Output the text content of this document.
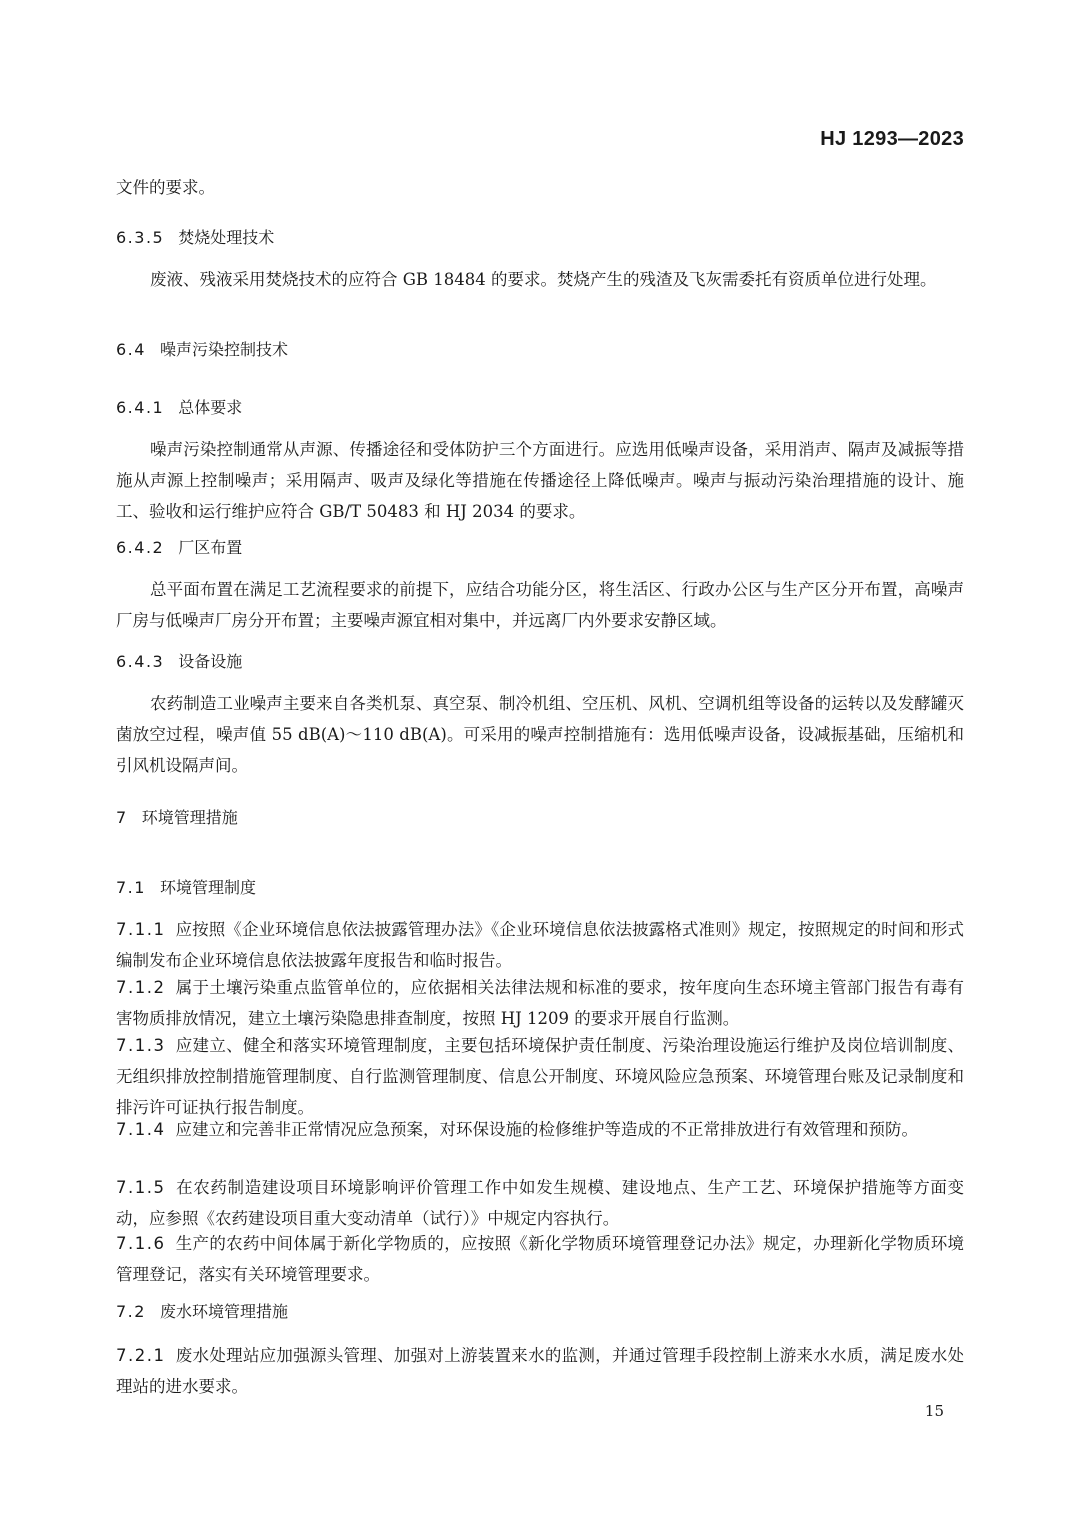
HJ 1293—2023

文件的要求。

6.3.5 焚烧处理技术

废液、残液采用焚烧技术的应符合 GB 18484 的要求。焚烧产生的残渣及飞灰需委托有资质单位进行处理。

6.4 噪声污染控制技术
6.4.1 总体要求

噪声污染控制通常从声源、传播途径和受体防护三个方面进行。应选用低噪声设备，采用消声、隔声及减振等措施从声源上控制噪声；采用隔声、吸声及绿化等措施在传播途径上降低噪声。噪声与振动污染治理措施的设计、施工、验收和运行维护应符合 GB/T 50483 和 HJ 2034 的要求。

6.4.2 厂区布置

总平面布置在满足工艺流程要求的前提下，应结合功能分区，将生活区、行政办公区与生产区分开布置，高噪声厂房与低噪声厂房分开布置；主要噪声源宜相对集中，并远离厂内外要求安静区域。

6.4.3 设备设施

农药制造工业噪声主要来自各类机泵、真空泵、制冷机组、空压机、风机、空调机组等设备的运转以及发酵罐灭菌放空过程，噪声值 55 dB(A)～110 dB(A)。可采用的噪声控制措施有：选用低噪声设备，设减振基础，压缩机和引风机设隔声间。

7 环境管理措施
7.1 环境管理制度

7.1.1 应按照《企业环境信息依法披露管理办法》《企业环境信息依法披露格式准则》规定，按照规定的时间和形式编制发布企业环境信息依法披露年度报告和临时报告。

7.1.2 属于土壤污染重点监管单位的，应依据相关法律法规和标准的要求，按年度向生态环境主管部门报告有毒有害物质排放情况，建立土壤污染隐患排查制度，按照 HJ 1209 的要求开展自行监测。

7.1.3 应建立、健全和落实环境管理制度，主要包括环境保护责任制度、污染治理设施运行维护及岗位培训制度、无组织排放控制措施管理制度、自行监测管理制度、信息公开制度、环境风险应急预案、环境管理台账及记录制度和排污许可证执行报告制度。

7.1.4 应建立和完善非正常情况应急预案，对环保设施的检修维护等造成的不正常排放进行有效管理和预防。

7.1.5 在农药制造建设项目环境影响评价管理工作中如发生规模、建设地点、生产工艺、环境保护措施等方面变动，应参照《农药建设项目重大变动清单（试行）》中规定内容执行。

7.1.6 生产的农药中间体属于新化学物质的，应按照《新化学物质环境管理登记办法》规定，办理新化学物质环境管理登记，落实有关环境管理要求。

7.2 废水环境管理措施

7.2.1 废水处理站应加强源头管理、加强对上游装置来水的监测，并通过管理手段控制上游来水水质，满足废水处理站的进水要求。

15
